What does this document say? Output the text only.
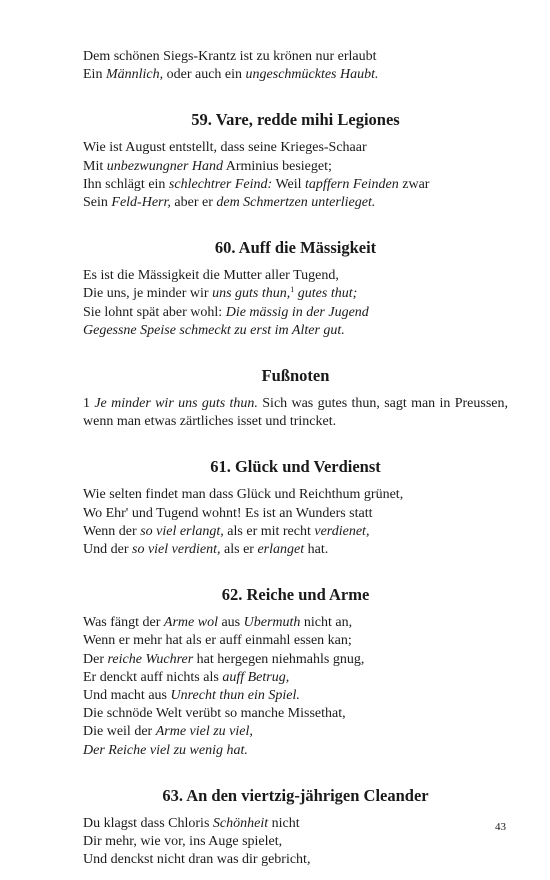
Dem schönen Siegs-Krantz ist zu krönen nur erlaubt
Ein Männlich, oder auch ein ungeschmücktes Haubt.
59. Vare, redde mihi Legiones
Wie ist August entstellt, dass seine Krieges-Schaar
Mit unbezwungner Hand Arminius besieget;
Ihn schlägt ein schlechtrer Feind: Weil tapffern Feinden zwar
Sein Feld-Herr, aber er dem Schmertzen unterlieget.
60. Auff die Mässigkeit
Es ist die Mässigkeit die Mutter aller Tugend,
Die uns, je minder wir uns guts thun,$^1$ gutes thut;
Sie lohnt spät aber wohl: Die mässig in der Jugend
Gegessne Speise schmeckt zu erst im Alter gut.
Fußnoten
1 Je minder wir uns guts thun. Sich was gutes thun, sagt man in Preussen, wenn man etwas zärtliches isset und trincket.
61. Glück und Verdienst
Wie selten findet man dass Glück und Reichthum grünet,
Wo Ehr' und Tugend wohnt! Es ist an Wunders statt
Wenn der so viel erlangt, als er mit recht verdienet,
Und der so viel verdient, als er erlanget hat.
62. Reiche und Arme
Was fängt der Arme wol aus Ubermuth nicht an,
Wenn er mehr hat als er auff einmahl essen kan;
Der reiche Wuchrer hat hergegen niehmahls gnug,
Er denckt auff nichts als auff Betrug,
Und macht aus Unrecht thun ein Spiel.
Die schnöde Welt verübt so manche Missethat,
Die weil der Arme viel zu viel,
Der Reiche viel zu wenig hat.
63. An den viertzig-jährigen Cleander
Du klagst dass Chloris Schönheit nicht
Dir mehr, wie vor, ins Auge spielet,
Und denckst nicht dran was dir gebricht,
43
